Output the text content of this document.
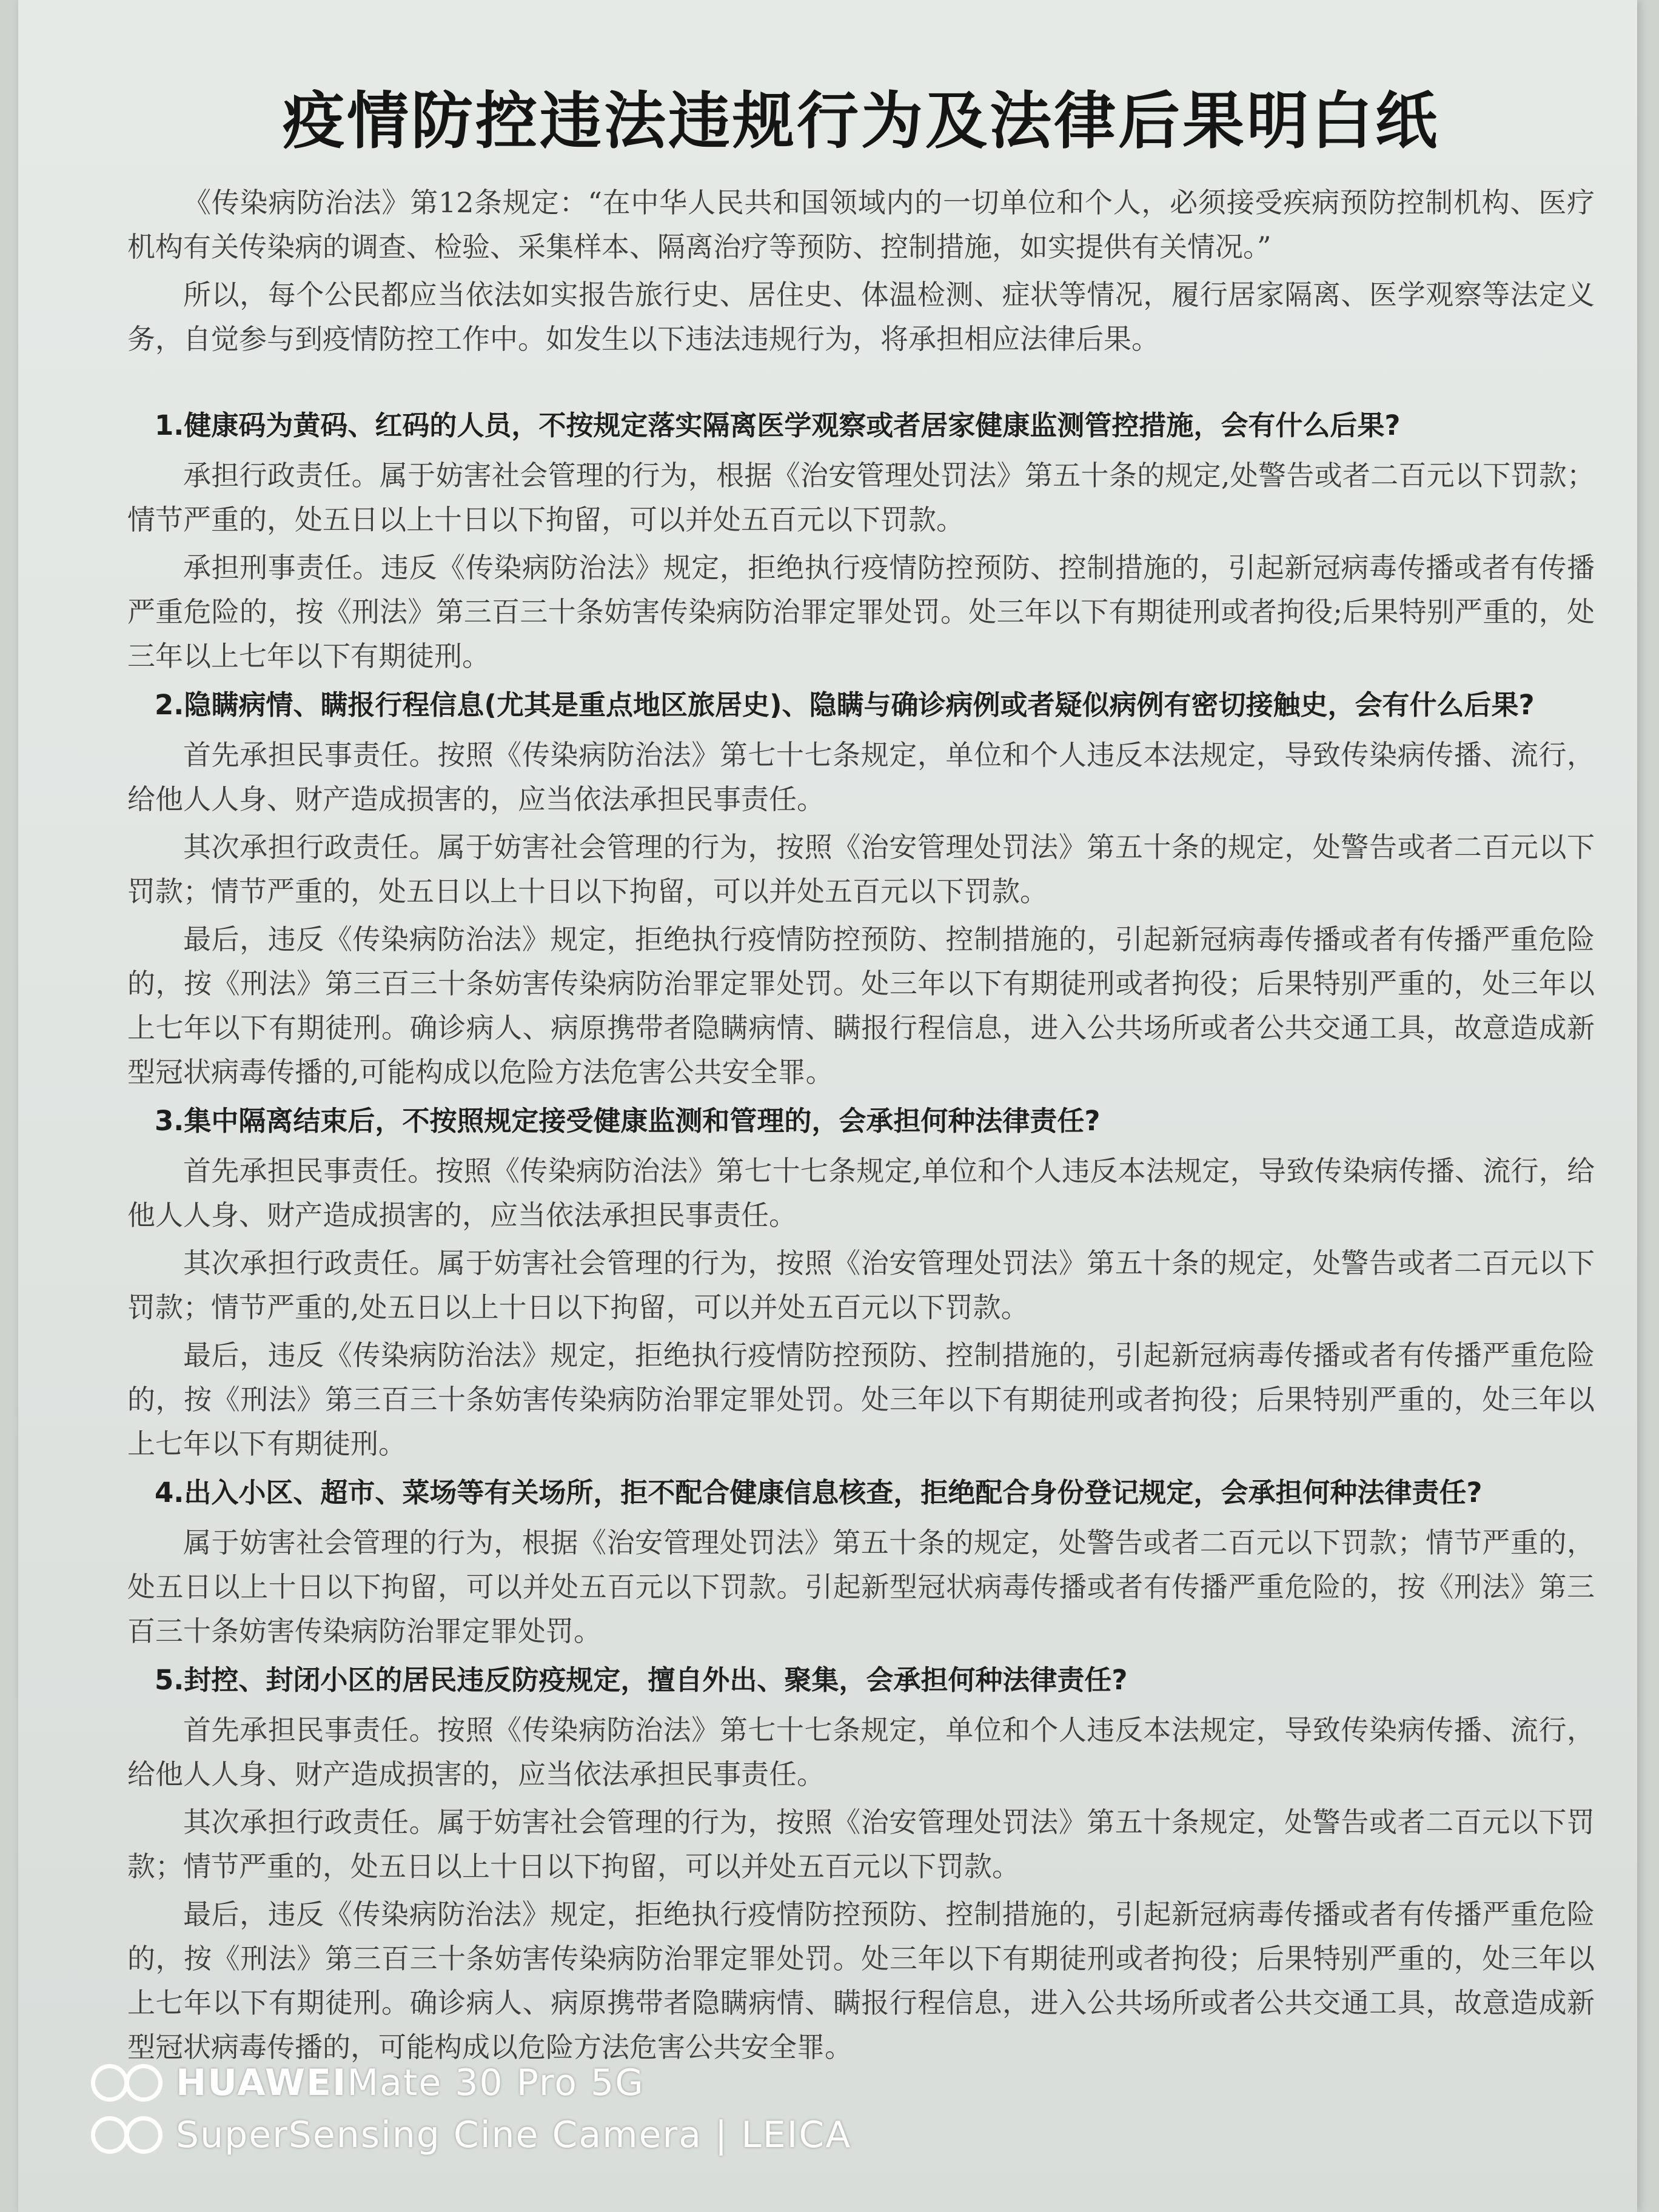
疫情防控违法违规行为及法律后果明白纸

《传染病防治法》第12条规定：“在中华人民共和国领域内的一切单位和个人，必须接受疾病预防控制机构、医疗机构有关传染病的调查、检验、采集样本、隔离治疗等预防、控制措施，如实提供有关情况。”

所以，每个公民都应当依法如实报告旅行史、居住史、体温检测、症状等情况，履行居家隔离、医学观察等法定义务，自觉参与到疫情防控工作中。如发生以下违法违规行为，将承担相应法律后果。

1.健康码为黄码、红码的人员，不按规定落实隔离医学观察或者居家健康监测管控措施，会有什么后果?

承担行政责任。属于妨害社会管理的行为，根据《治安管理处罚法》第五十条的规定,处警告或者二百元以下罚款；情节严重的，处五日以上十日以下拘留，可以并处五百元以下罚款。

承担刑事责任。违反《传染病防治法》规定，拒绝执行疫情防控预防、控制措施的，引起新冠病毒传播或者有传播严重危险的，按《刑法》第三百三十条妨害传染病防治罪定罪处罚。处三年以下有期徒刑或者拘役;后果特别严重的，处三年以上七年以下有期徒刑。

2.隐瞒病情、瞒报行程信息(尤其是重点地区旅居史)、隐瞒与确诊病例或者疑似病例有密切接触史，会有什么后果?

首先承担民事责任。按照《传染病防治法》第七十七条规定，单位和个人违反本法规定，导致传染病传播、流行，给他人人身、财产造成损害的，应当依法承担民事责任。

其次承担行政责任。属于妨害社会管理的行为，按照《治安管理处罚法》第五十条的规定，处警告或者二百元以下罚款；情节严重的，处五日以上十日以下拘留，可以并处五百元以下罚款。

最后，违反《传染病防治法》规定，拒绝执行疫情防控预防、控制措施的，引起新冠病毒传播或者有传播严重危险的，按《刑法》第三百三十条妨害传染病防治罪定罪处罚。处三年以下有期徒刑或者拘役；后果特别严重的，处三年以上七年以下有期徒刑。确诊病人、病原携带者隐瞒病情、瞒报行程信息，进入公共场所或者公共交通工具，故意造成新型冠状病毒传播的,可能构成以危险方法危害公共安全罪。

3.集中隔离结束后，不按照规定接受健康监测和管理的，会承担何种法律责任?

首先承担民事责任。按照《传染病防治法》第七十七条规定,单位和个人违反本法规定，导致传染病传播、流行，给他人人身、财产造成损害的，应当依法承担民事责任。

其次承担行政责任。属于妨害社会管理的行为，按照《治安管理处罚法》第五十条的规定，处警告或者二百元以下罚款；情节严重的,处五日以上十日以下拘留，可以并处五百元以下罚款。

最后，违反《传染病防治法》规定，拒绝执行疫情防控预防、控制措施的，引起新冠病毒传播或者有传播严重危险的，按《刑法》第三百三十条妨害传染病防治罪定罪处罚。处三年以下有期徒刑或者拘役；后果特别严重的，处三年以上七年以下有期徒刑。

4.出入小区、超市、菜场等有关场所，拒不配合健康信息核查，拒绝配合身份登记规定，会承担何种法律责任?

属于妨害社会管理的行为，根据《治安管理处罚法》第五十条的规定，处警告或者二百元以下罚款；情节严重的，处五日以上十日以下拘留，可以并处五百元以下罚款。引起新型冠状病毒传播或者有传播严重危险的，按《刑法》第三百三十条妨害传染病防治罪定罪处罚。

5.封控、封闭小区的居民违反防疫规定，擅自外出、聚集，会承担何种法律责任?

首先承担民事责任。按照《传染病防治法》第七十七条规定，单位和个人违反本法规定，导致传染病传播、流行，给他人人身、财产造成损害的，应当依法承担民事责任。

其次承担行政责任。属于妨害社会管理的行为，按照《治安管理处罚法》第五十条规定，处警告或者二百元以下罚款；情节严重的，处五日以上十日以下拘留，可以并处五百元以下罚款。

最后，违反《传染病防治法》规定，拒绝执行疫情防控预防、控制措施的，引起新冠病毒传播或者有传播严重危险的，按《刑法》第三百三十条妨害传染病防治罪定罪处罚。处三年以下有期徒刑或者拘役；后果特别严重的，处三年以上七年以下有期徒刑。确诊病人、病原携带者隐瞒病情、瞒报行程信息，进入公共场所或者公共交通工具，故意造成新型冠状病毒传播的，可能构成以危险方法危害公共安全罪。

HUAWEI Mate 30 Pro 5G
SuperSensing Cine Camera | LEICA
